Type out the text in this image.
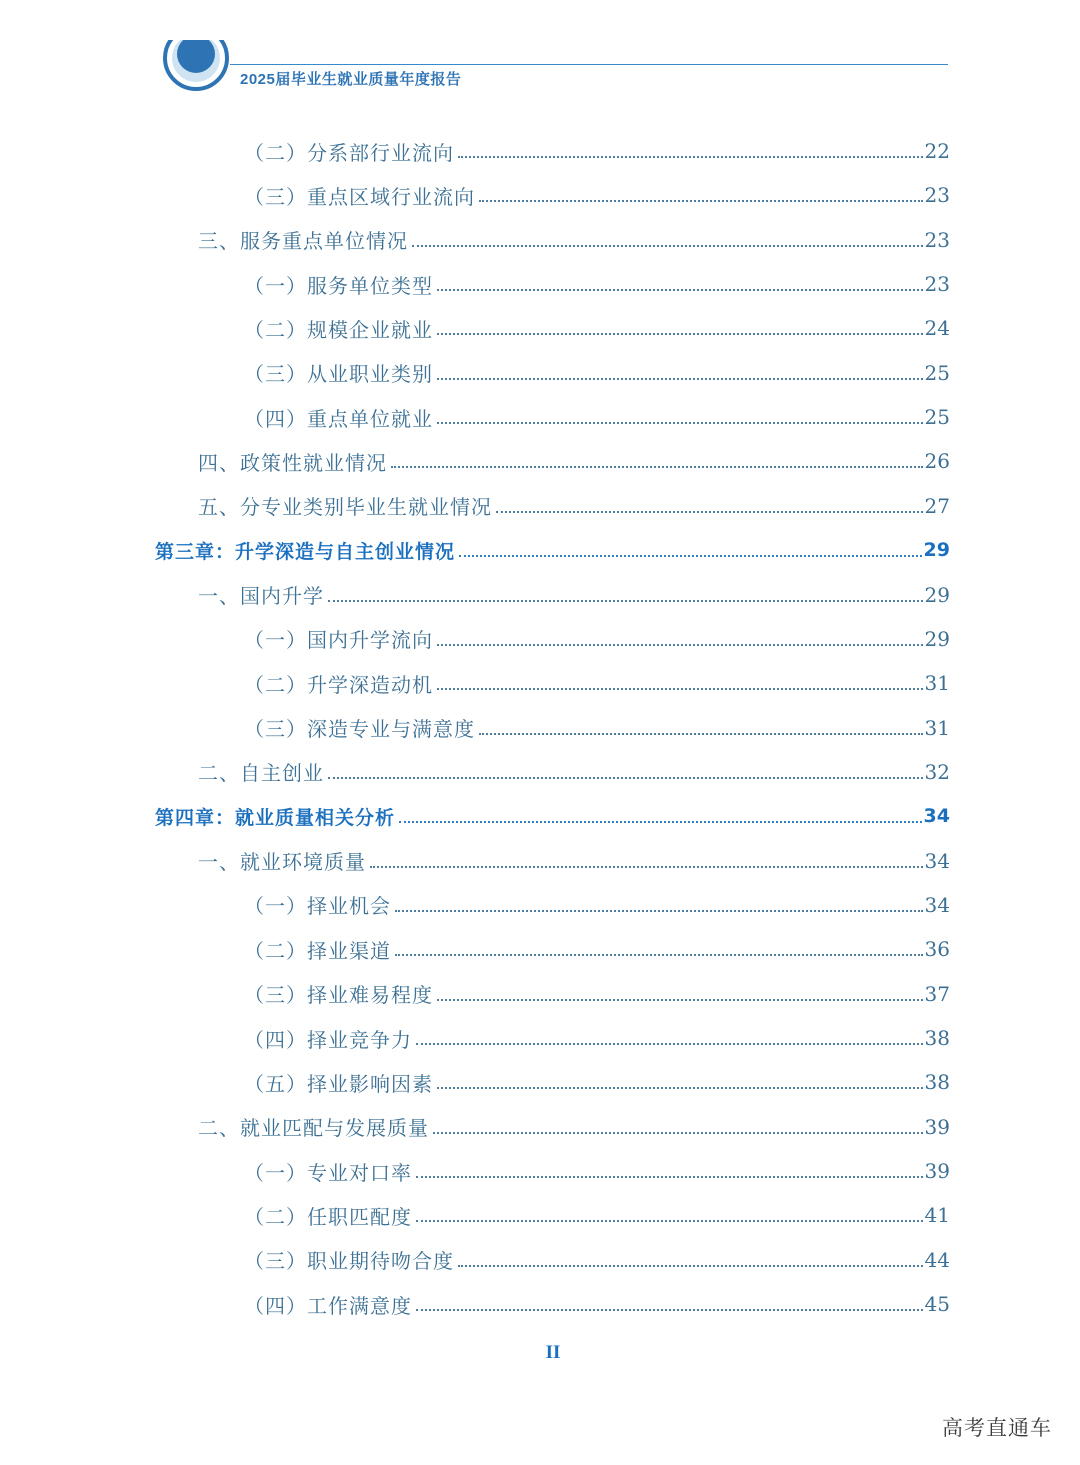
2025届毕业生就业质量年度报告
（二）分系部行业流向	22
（三）重点区域行业流向	23
三、服务重点单位情况	23
（一）服务单位类型	23
（二）规模企业就业	24
（三）从业职业类别	25
（四）重点单位就业	25
四、政策性就业情况	26
五、分专业类别毕业生就业情况	27
第三章：升学深造与自主创业情况	29
一、国内升学	29
（一）国内升学流向	29
（二）升学深造动机	31
（三）深造专业与满意度	31
二、自主创业	32
第四章：就业质量相关分析	34
一、就业环境质量	34
（一）择业机会	34
（二）择业渠道	36
（三）择业难易程度	37
（四）择业竞争力	38
（五）择业影响因素	38
二、就业匹配与发展质量	39
（一）专业对口率	39
（二）任职匹配度	41
（三）职业期待吻合度	44
（四）工作满意度	45
II
高考直通车
